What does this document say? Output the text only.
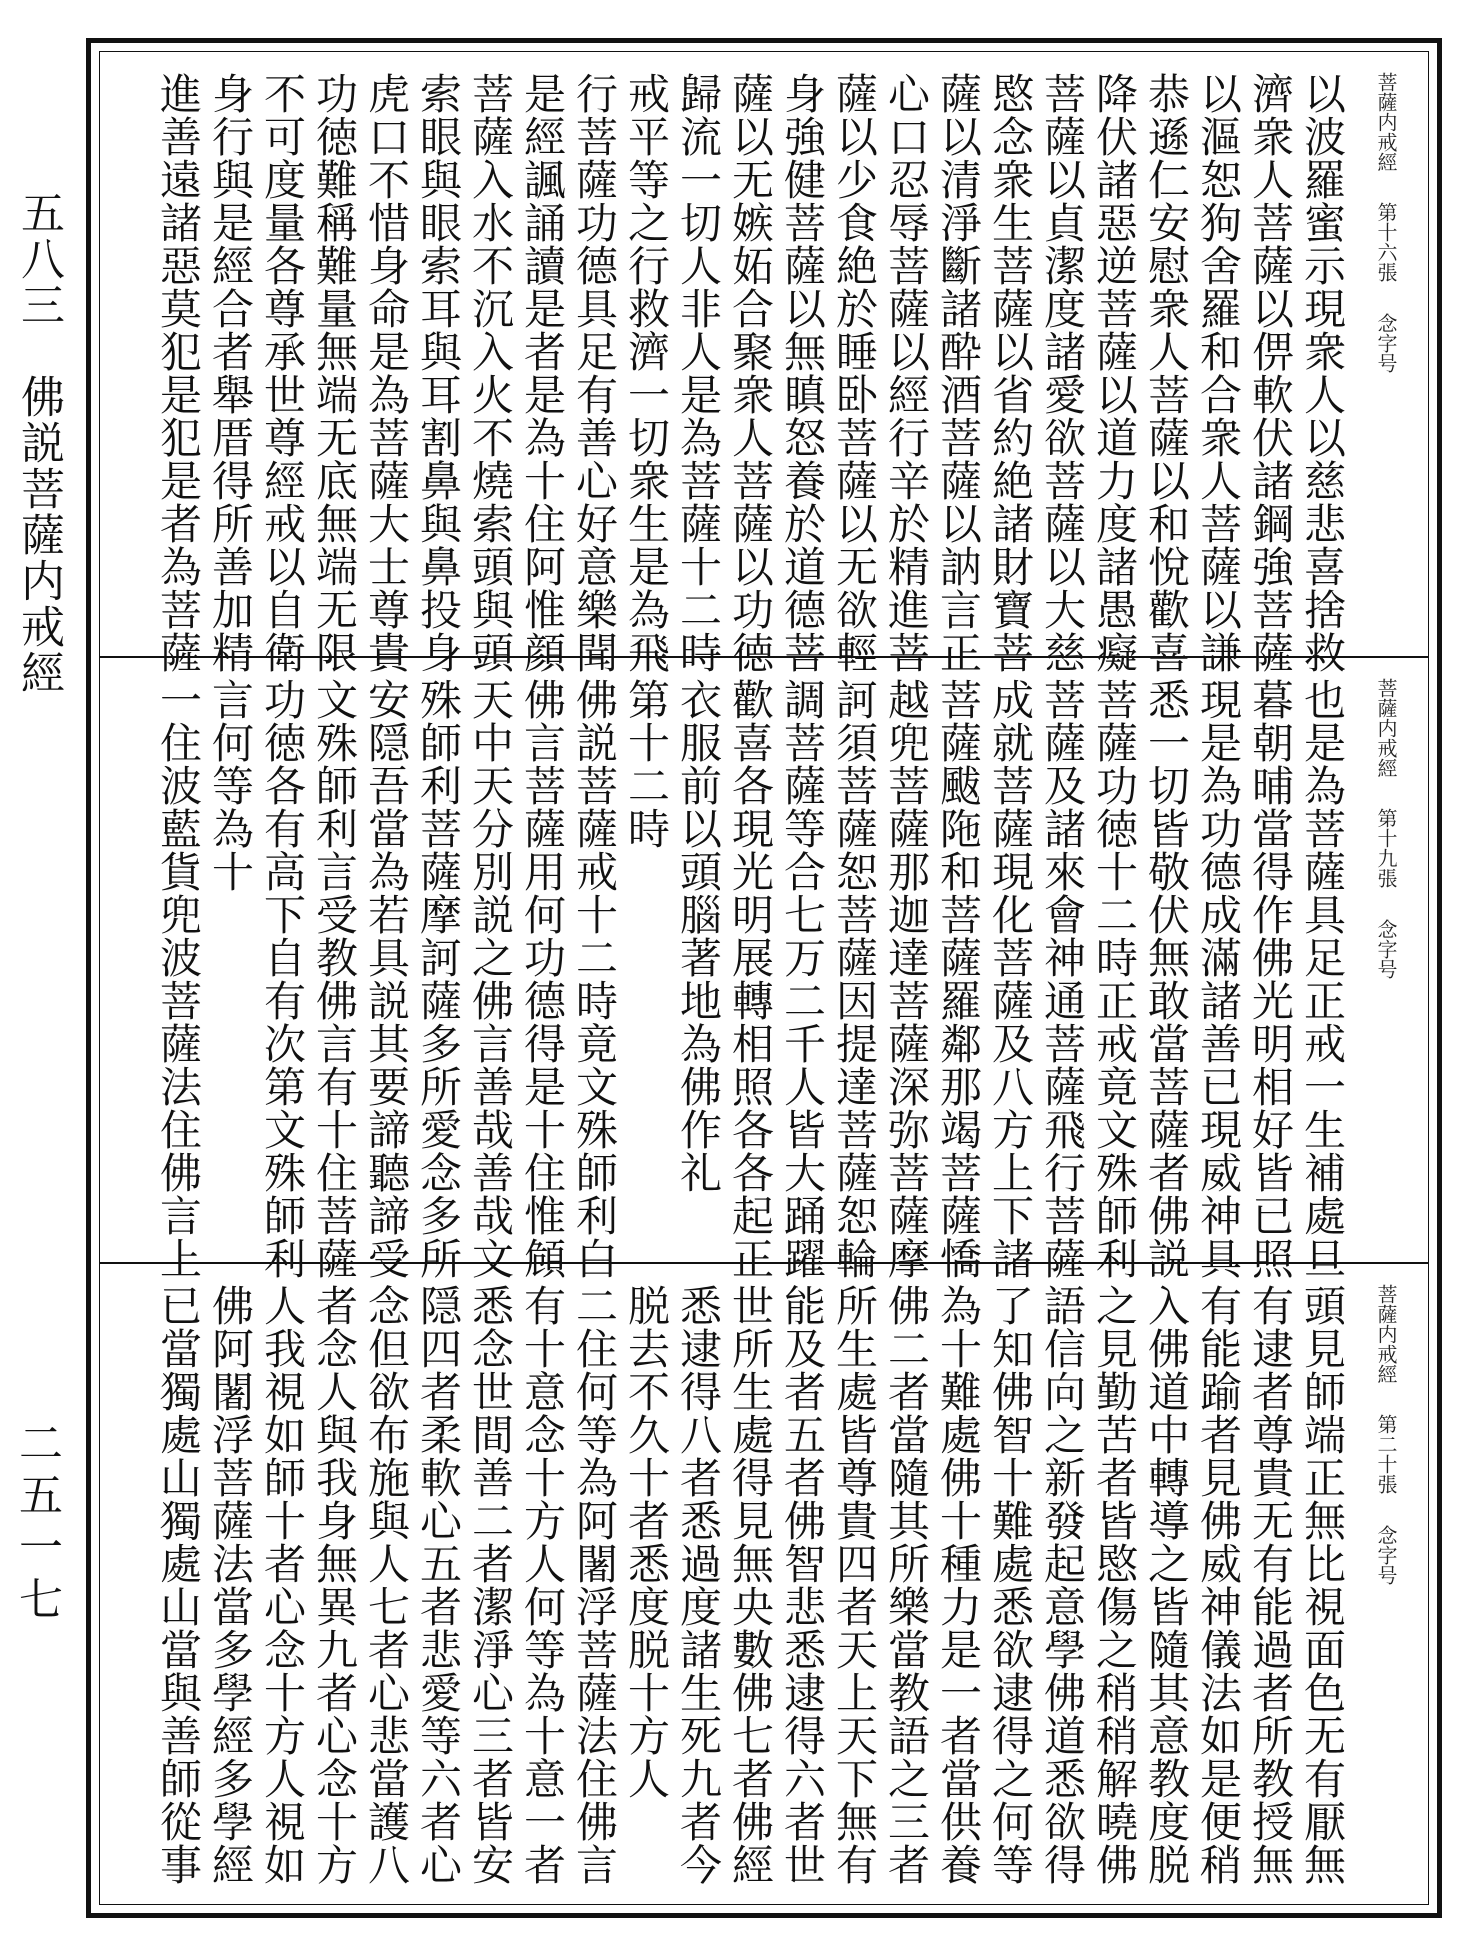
五八三　佛説菩薩内戒經
二五一七
菩薩内戒經 第十六張 念字号
以波羅蜜示現衆人以慈悲喜捨救
濟衆人菩薩以㑭軟伏諸鋼強菩薩
以漚恕狗舍羅和合衆人菩薩以謙
恭遜仁安慰衆人菩薩以和悅歡喜
降伏諸惡逆菩薩以道力度諸愚癡
菩薩以貞潔度諸愛欲菩薩以大慈
愍念衆生菩薩以省約絶諸財寶菩
薩以清淨斷諸酔酒菩薩以訥言正
心口忍辱菩薩以經行辛於精進菩
薩以少食絶於睡卧菩薩以无欲輕
身強健菩薩以無瞋怒養於道德菩
薩以无嫉妬合聚衆人菩薩以功徳
歸流一切人非人是為菩薩十二時
戒平等之行救濟一切衆生是為飛
行菩薩功德具足有善心好意樂聞
是經諷誦讀是者是為十住阿惟顔
菩薩入水不沉入火不燒索頭與頭
索眼與眼索耳與耳割鼻與鼻投身
虎口不惜身命是為菩薩大士尊貴
功徳難稱難量無端无底無端无限
不可度量各尊承世尊經戒以自衛
身行與是經合者舉厝得所善加精
進善遠諸惡莫犯是犯是者為菩薩
菩薩内戒經 第十九張 念字号
也是為菩薩具足正戒一生補處旦
暮朝晡當得作佛光明相好皆已照
現是為功德成滿諸善已現威神具
悉一切皆敬伏無敢當菩薩者佛説
菩薩功徳十二時正戒竟文殊師利
菩薩及諸來會神通菩薩飛行菩薩
成就菩薩現化菩薩及八方上下諸
菩薩颰陁和菩薩羅鄰那竭菩薩憍
越兜菩薩那迦達菩薩深弥菩薩摩
訶須菩薩恕菩薩因提達菩薩恕輪
調菩薩等合七万二千人皆大踊躍
歡喜各現光明展轉相照各各起正
衣服前以頭腦著地為佛作礼
第十二時
佛説菩薩戒十二時竟文殊師利白
佛言菩薩用何功德得是十住惟頠
天中天分別説之佛言善哉善哉文
殊師利菩薩摩訶薩多所愛念多所
安隠吾當為若具説其要諦聽諦受
文殊師利言受教佛言有十住菩薩
功徳各有高下自有次第文殊師利
言何等為十
一住波藍貨兜波菩薩法住佛言上
菩薩内戒經 第二十張 念字号
頭見師端正無比視面色无有厭無
有逮者尊貴无有能過者所教授無
有能踰者見佛威神儀法如是便稍
入佛道中轉導之皆隨其意教度脱
之見勤苦者皆愍傷之稍稍解曉佛
語信向之新發起意學佛道悉欲得
了知佛智十難處悉欲逮得之何等
為十難處佛十種力是一者當供養
佛二者當隨其所樂當教語之三者
所生處皆尊貴四者天上天下無有
能及者五者佛智悲悉逮得六者世
世所生處得見無央數佛七者佛經
悉逮得八者悉過度諸生死九者今
脱去不久十者悉度脱十方人
二住何等為阿闍浮菩薩法住佛言
有十意念十方人何等為十意一者
悉念世間善二者潔淨心三者皆安
隠四者柔軟心五者悲愛等六者心
念但欲布施與人七者心悲當護八
者念人與我身無異九者心念十方
人我視如師十者心念十方人視如
佛阿闍浮菩薩法當多學經多學經
已當獨處山獨處山當與善師從事
